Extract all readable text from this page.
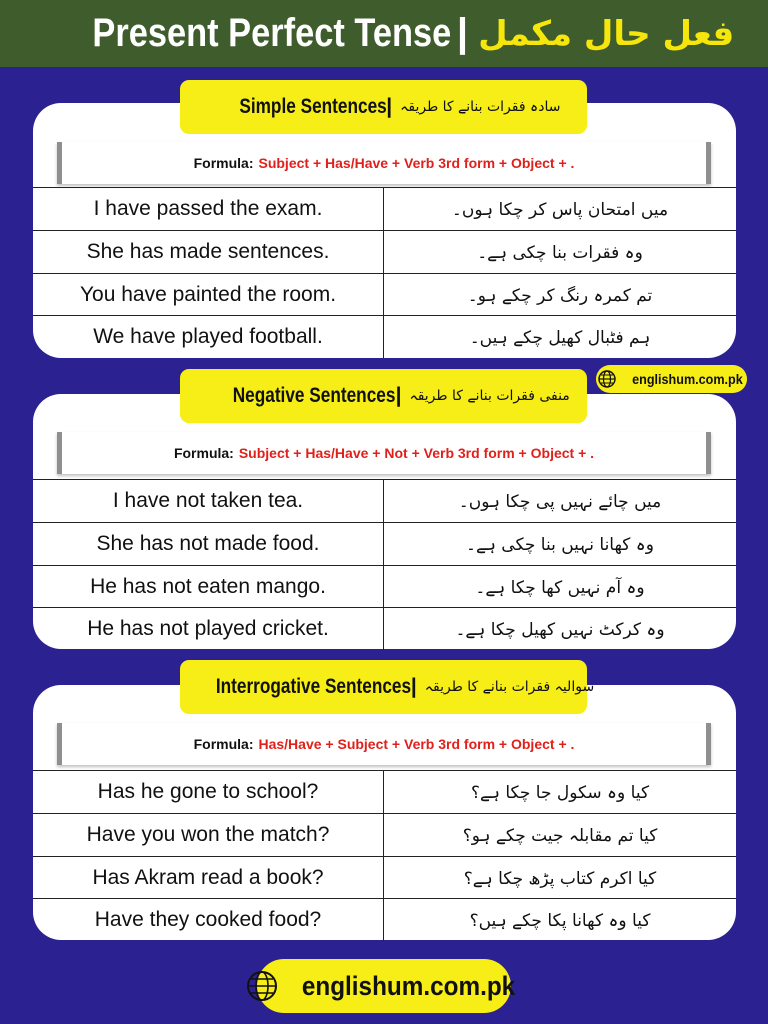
Present Perfect Tense | فعل حال مکمل
Simple Sentences | سادہ فقرات بنانے کا طریقہ
Formula: Subject + Has/Have + Verb 3rd form + Object + .
I have passed the exam.	میں امتحان پاس کر چکا ہوں۔
She has made sentences.	وہ فقرات بنا چکی ہے۔
You have painted the room.	تم کمرہ رنگ کر چکے ہو۔
We have played football.	ہم فٹبال کھیل چکے ہیں۔
englishum.com.pk
Negative Sentences | منفی فقرات بنانے کا طریقہ
Formula: Subject + Has/Have + Not + Verb 3rd form + Object + .
I have not taken tea.	میں چائے نہیں پی چکا ہوں۔
She has not made food.	وہ کھانا نہیں بنا چکی ہے۔
He has not eaten mango.	وہ آم نہیں کھا چکا ہے۔
He has not played cricket.	وہ کرکٹ نہیں کھیل چکا ہے۔
Interrogative Sentences | سوالیہ فقرات بنانے کا طریقہ
Formula: Has/Have + Subject + Verb 3rd form + Object + .
Has he gone to school?	کیا وہ سکول جا چکا ہے؟
Have you won the match?	کیا تم مقابلہ جیت چکے ہو؟
Has Akram read a book?	کیا اکرم کتاب پڑھ چکا ہے؟
Have they cooked food?	کیا وہ کھانا پکا چکے ہیں؟
englishum.com.pk
